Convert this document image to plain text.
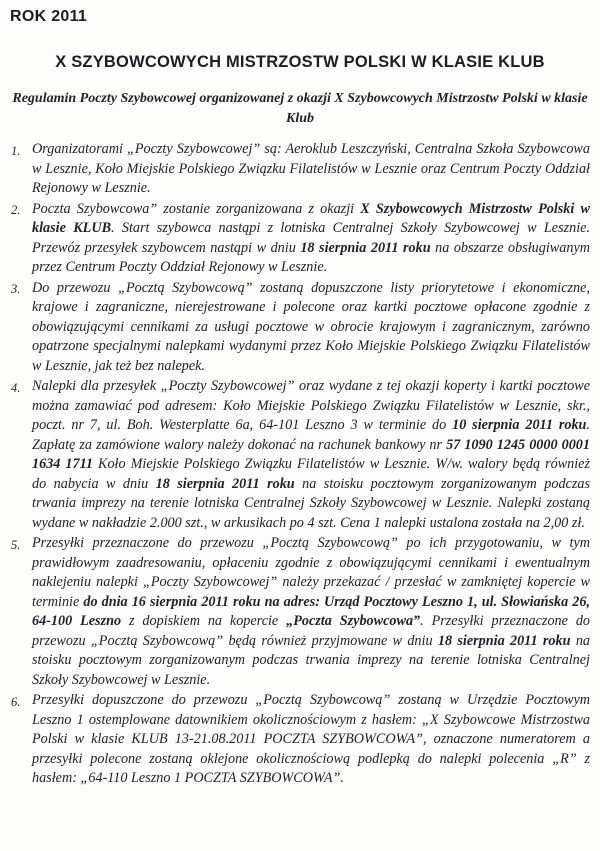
ROK 2011
X SZYBOWCOWYCH MISTRZOSTW POLSKI W KLASIE KLUB
Regulamin Poczty Szybowcowej organizowanej z okazji X Szybowcowych Mistrzostw Polski w klasie Klub
1. Organizatorami „Poczty Szybowcowej” są: Aeroklub Leszczyński, Centralna Szkoła Szybowcowa w Lesznie, Koło Miejskie Polskiego Związku Filatelistów w Lesznie oraz Centrum Poczty Oddział Rejonowy w Lesznie.
2. Poczta Szybowcowa” zostanie zorganizowana z okazji X Szybowcowych Mistrzostw Polski w klasie KLUB. Start szybowca nastąpi z lotniska Centralnej Szkoły Szybowcowej w Lesznie. Przewóz przesyłek szybowcem nastąpi w dniu 18 sierpnia 2011 roku na obszarze obsługiwanym przez Centrum Poczty Oddział Rejonowy w Lesznie.
3. Do przewozu „Pocztą Szybowcową” zostaną dopuszczone listy priorytetowe i ekonomiczne, krajowe i zagraniczne, nierejestrowane i polecone oraz kartki pocztowe opłacone zgodnie z obowiązującymi cennikami za usługi pocztowe w obrocie krajowym i zagranicznym, zarówno opatrzone specjalnymi nalepkami wydanymi przez Koło Miejskie Polskiego Związku Filatelistów w Lesznie, jak też bez nalepek.
4. Nalepki dla przesyłek „Poczty Szybowcowej” oraz wydane z tej okazji koperty i kartki pocztowe można zamawiać pod adresem: Koło Miejskie Polskiego Związku Filatelistów w Lesznie, skr., poczt. nr 7, ul. Boh. Westerplatte 6a, 64-101 Leszno 3 w terminie do 10 sierpnia 2011 roku. Zapłatę za zamówione walory należy dokonać na rachunek bankowy nr 57 1090 1245 0000 0001 1634 1711 Koło Miejskie Polskiego Związku Filatelistów w Lesznie. W/w. walory będą również do nabycia w dniu 18 sierpnia 2011 roku na stoisku pocztowym zorganizowanym podczas trwania imprezy na terenie lotniska Centralnej Szkoły Szybowcowej w Lesznie. Nalepki zostaną wydane w nakładzie 2.000 szt., w arkusikach po 4 szt. Cena 1 nalepki ustalona została na 2,00 zł.
5. Przesyłki przeznaczone do przewozu „Pocztą Szybowcową” po ich przygotowaniu, w tym prawidłowym zaadresowaniu, opłaceniu zgodnie z obowiązującymi cennikami i ewentualnym naklejeniu nalepki „Poczty Szybowcowej” należy przekazać / przesłać w zamkniętej kopercie w terminie do dnia 16 sierpnia 2011 roku na adres: Urząd Pocztowy Leszno 1, ul. Słowiańska 26, 64-100 Leszno z dopiskiem na kopercie „Poczta Szybowcowa”. Przesyłki przeznaczone do przewozu „Pocztą Szybowcową” będą również przyjmowane w dniu 18 sierpnia 2011 roku na stoisku pocztowym zorganizowanym podczas trwania imprezy na terenie lotniska Centralnej Szkoły Szybowcowej w Lesznie.
6. Przesyłki dopuszczone do przewozu „Pocztą Szybowcową” zostaną w Urzędzie Pocztowym Leszno 1 ostemplowane datownikiem okolicznościowym z hasłem: „X Szybowcowe Mistrzostwa Polski w klasie KLUB 13-21.08.2011 POCZTA SZYBOWCOWA”, oznaczone numeratorem a przesyłki polecone zostaną oklejone okolicznościową podlepką do nalepki polecenia „R” z hasłem: „64-110 Leszno 1 POCZTA SZYBOWCOWA”.
